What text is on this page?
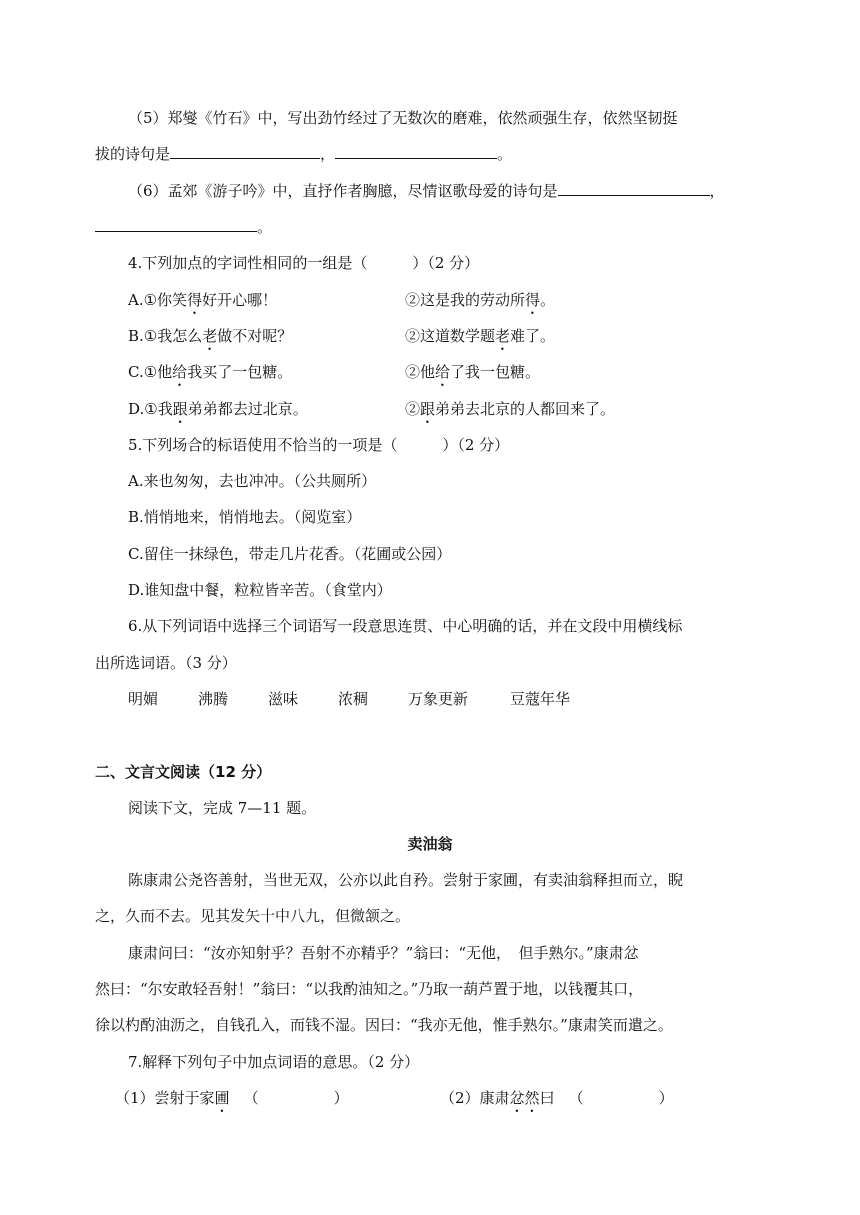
（5）郑燮《竹石》中，写出劲竹经过了无数次的磨难，依然顽强生存，依然坚韧挺
拔的诗句是	，	。
（6）孟郊《游子吟》中，直抒作者胸臆，尽情讴歌母爱的诗句是	，
。
4.下列加点的字词性相同的一组是（　　　）（2 分）
A.①你笑得好开心哪！	②这是我的劳动所得。
B.①我怎么老做不对呢？	②这道数学题老难了。
C.①他给我买了一包糖。	②他给了我一包糖。
D.①我跟弟弟都去过北京。	②跟弟弟去北京的人都回来了。
5.下列场合的标语使用不恰当的一项是（　　　）（2 分）
A.来也匆匆，去也冲冲。（公共厕所）
B.悄悄地来，悄悄地去。（阅览室）
C.留住一抹绿色，带走几片花香。（花圃或公园）
D.谁知盘中餐，粒粒皆辛苦。（食堂内）
6.从下列词语中选择三个词语写一段意思连贯、中心明确的话，并在文段中用横线标
出所选词语。（3 分）
明媚	沸腾	滋味	浓稠	万象更新	豆蔻年华
二、文言文阅读（12 分）
阅读下文，完成 7—11 题。
卖油翁
陈康肃公尧咨善射，当世无双，公亦以此自矜。尝射于家圃，有卖油翁释担而立，睨
之，久而不去。见其发矢十中八九，但微颔之。
康肃问曰：“汝亦知射乎？吾射不亦精乎？”翁曰：“无他，　但手熟尔。”康肃忿
然曰：“尔安敢轻吾射！”翁曰：“以我酌油知之。”乃取一葫芦置于地，以钱覆其口，
徐以杓酌油沥之，自钱孔入，而钱不湿。因曰：“我亦无他，惟手熟尔。”康肃笑而遣之。
7.解释下列句子中加点词语的意思。（2 分）
（1）尝射于家圃 （　　　　　）	（2）康肃忿然曰 （　　　　　）
